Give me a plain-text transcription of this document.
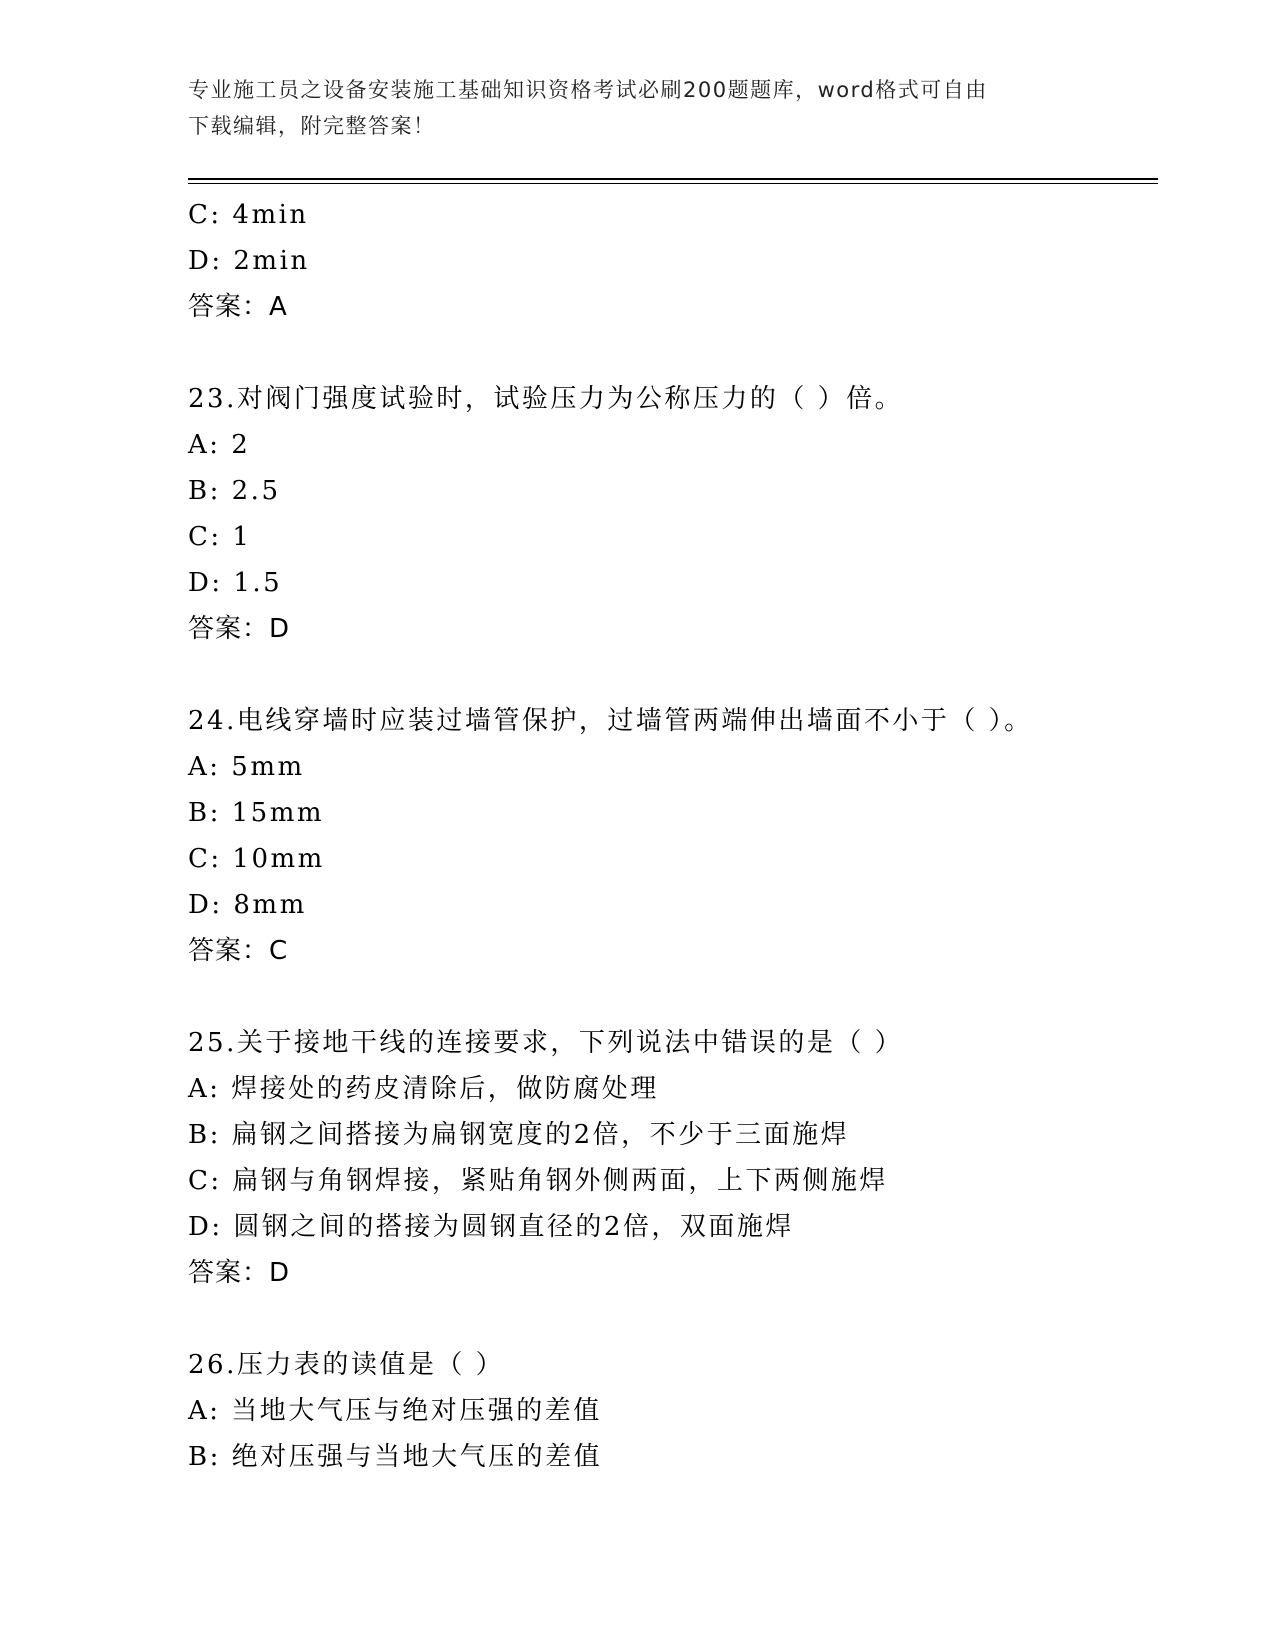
专业施工员之设备安装施工基础知识资格考试必刷200题题库，word格式可自由
下载编辑，附完整答案！
C: 4min
D: 2min
答案：A
23.对阀门强度试验时，试验压力为公称压力的（ ）倍。
A: 2
B: 2.5
C: 1
D: 1.5
答案：D
24.电线穿墙时应装过墙管保护，过墙管两端伸出墙面不小于（ ）。
A: 5mm
B: 15mm
C: 10mm
D: 8mm
答案：C
25.关于接地干线的连接要求，下列说法中错误的是（ ）
A: 焊接处的药皮清除后，做防腐处理
B: 扁钢之间搭接为扁钢宽度的2倍，不少于三面施焊
C: 扁钢与角钢焊接，紧贴角钢外侧两面，上下两侧施焊
D: 圆钢之间的搭接为圆钢直径的2倍，双面施焊
答案：D
26.压力表的读值是（ ）
A: 当地大气压与绝对压强的差值
B: 绝对压强与当地大气压的差值
